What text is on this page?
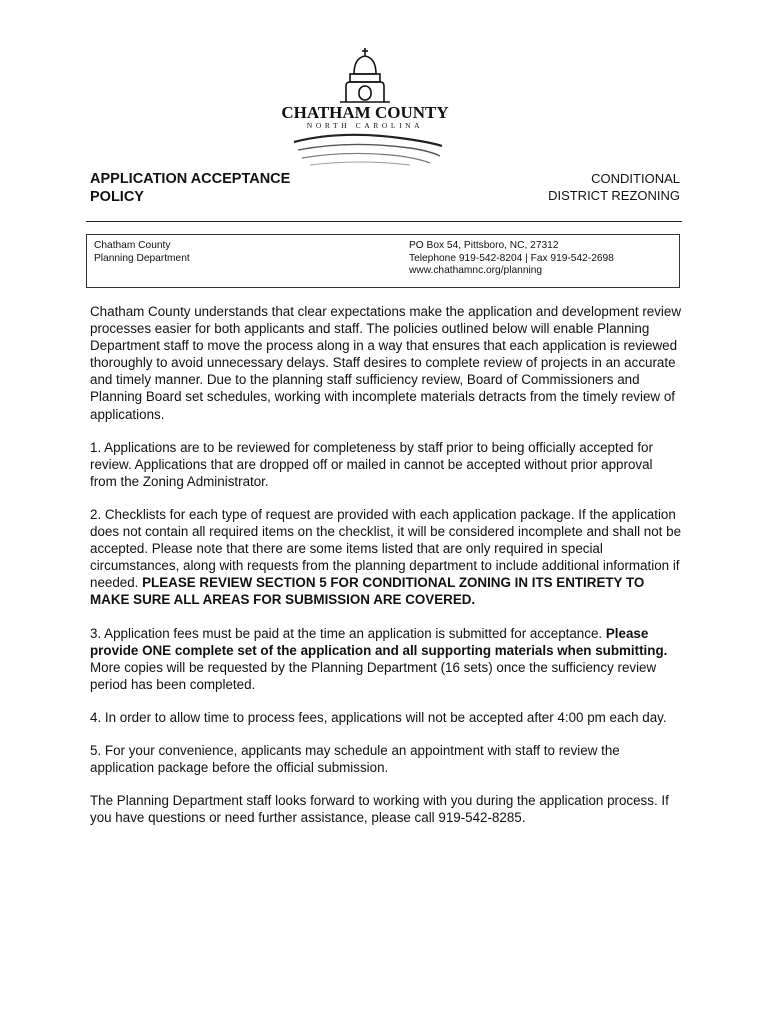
CHATHAM COUNTY
NORTH CAROLINA
APPLICATION ACCEPTANCE
POLICY
CONDITIONAL
DISTRICT REZONING
Chatham County
Planning Department
PO Box 54, Pittsboro, NC, 27312
Telephone 919-542-8204 | Fax 919-542-2698
www.chathamnc.org/planning

Chatham County understands that clear expectations make the application and development review processes easier for both applicants and staff. The policies outlined below will enable Planning Department staff to move the process along in a way that ensures that each application is reviewed thoroughly to avoid unnecessary delays. Staff desires to complete review of projects in an accurate and timely manner. Due to the planning staff sufficiency review, Board of Commissioners and Planning Board set schedules, working with incomplete materials detracts from the timely review of applications.

1. Applications are to be reviewed for completeness by staff prior to being officially accepted for review. Applications that are dropped off or mailed in cannot be accepted without prior approval from the Zoning Administrator.

2. Checklists for each type of request are provided with each application package. If the application does not contain all required items on the checklist, it will be considered incomplete and shall not be accepted. Please note that there are some items listed that are only required in special circumstances, along with requests from the planning department to include additional information if needed. PLEASE REVIEW SECTION 5 FOR CONDITIONAL ZONING IN ITS ENTIRETY TO MAKE SURE ALL AREAS FOR SUBMISSION ARE COVERED.

3. Application fees must be paid at the time an application is submitted for acceptance. Please provide ONE complete set of the application and all supporting materials when submitting. More copies will be requested by the Planning Department (16 sets) once the sufficiency review period has been completed.

4. In order to allow time to process fees, applications will not be accepted after 4:00 pm each day.

5. For your convenience, applicants may schedule an appointment with staff to review the application package before the official submission.

The Planning Department staff looks forward to working with you during the application process. If you have questions or need further assistance, please call 919-542-8285.
